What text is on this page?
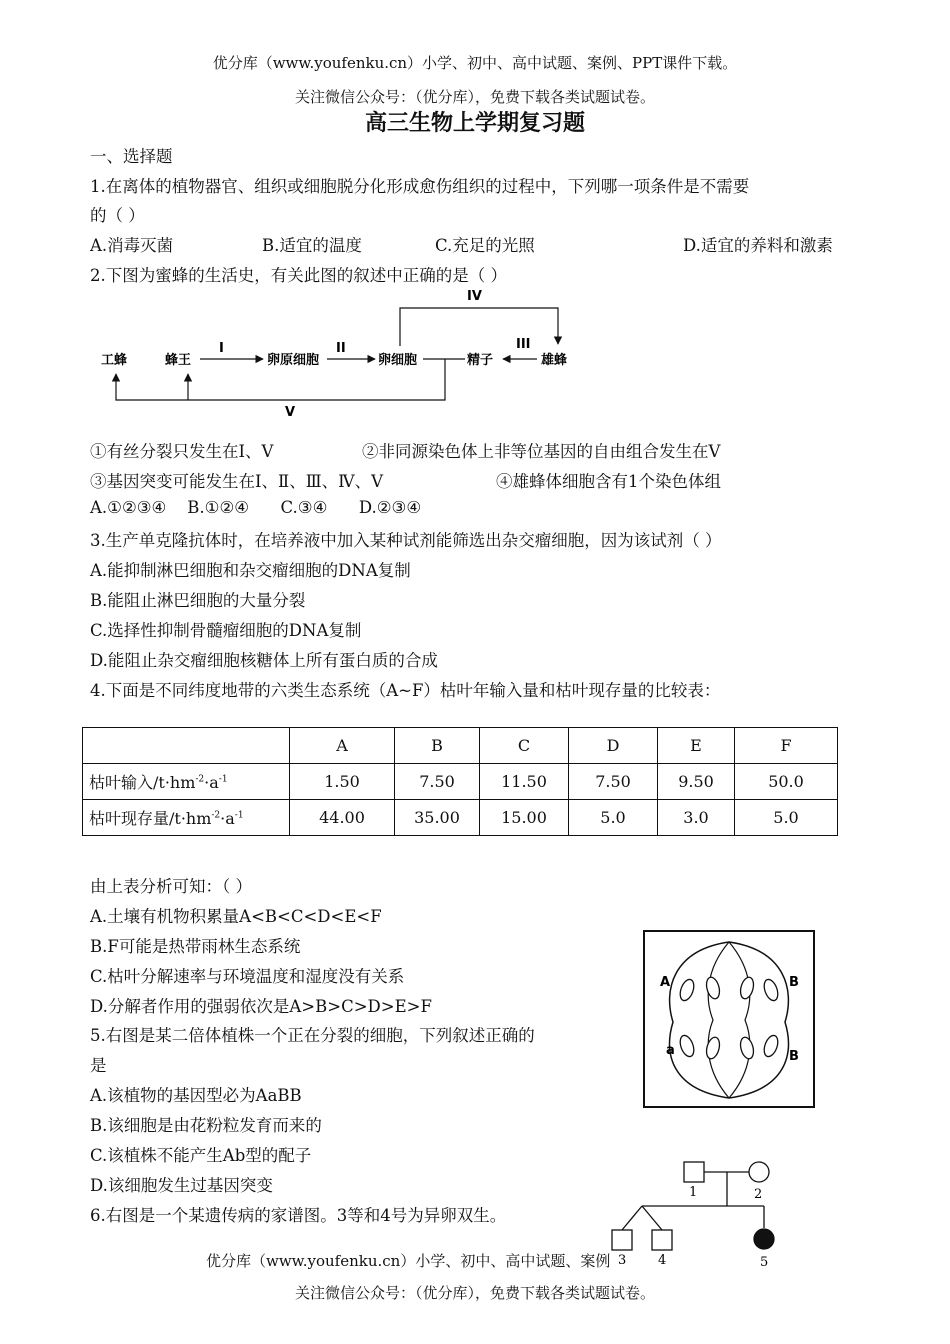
优分库（www.youfenku.cn）小学、初中、高中试题、案例、PPT课件下载。
关注微信公众号：（优分库），免费下载各类试题试卷。
高三生物上学期复习题
一、选择题
1.在离体的植物器官、组织或细胞脱分化形成愈伤组织的过程中，下列哪一项条件是不需要
的（ ）
A.消毒灭菌	B.适宜的温度	C.充足的光照	D.适宜的养料和激素
2.下图为蜜蜂的生活史，有关此图的叙述中正确的是（ ）
工蜂	蜂王	卵原细胞	卵细胞	精子	雄蜂
I	II	III
IV
V
①有丝分裂只发生在Ⅰ、Ⅴ	②非同源染色体上非等位基因的自由组合发生在Ⅴ
③基因突变可能发生在Ⅰ、Ⅱ、Ⅲ、Ⅳ、Ⅴ	④雄蜂体细胞含有1个染色体组
A.①②③④    B.①②④      C.③④      D.②③④
3.生产单克隆抗体时，在培养液中加入某种试剂能筛选出杂交瘤细胞，因为该试剂（ ）
A.能抑制淋巴细胞和杂交瘤细胞的DNA复制
B.能阻止淋巴细胞的大量分裂
C.选择性抑制骨髓瘤细胞的DNA复制
D.能阻止杂交瘤细胞核糖体上所有蛋白质的合成
4.下面是不同纬度地带的六类生态系统（A~F）枯叶年输入量和枯叶现存量的比较表：
	A	B	C	D	E	F
枯叶输入$/t\cdot hm^{-2}\cdot a^{-1}$	1.50	7.50	11.50	7.50	9.50	50.0
枯叶现存量$/t\cdot hm^{-2}\cdot a^{-1}$	44.00	35.00	15.00	5.0	3.0	5.0
由上表分析可知：（ ）
A.土壤有机物积累量A<B<C<D<E<F
B.F可能是热带雨林生态系统
C.枯叶分解速率与环境温度和湿度没有关系
D.分解者作用的强弱依次是A>B>C>D>E>F
5.右图是某二倍体植株一个正在分裂的细胞，下列叙述正确的
是
A.该植物的基因型必为AaBB
B.该细胞是由花粉粒发育而来的
C.该植株不能产生Ab型的配子
D.该细胞发生过基因突变
A	B
a	B
6.右图是一个某遗传病的家谱图。3等和4号为异卵双生。
1	2
3 4	5
优分库（www.youfenku.cn）小学、初中、高中试题、案例
关注微信公众号：（优分库），免费下载各类试题试卷。
